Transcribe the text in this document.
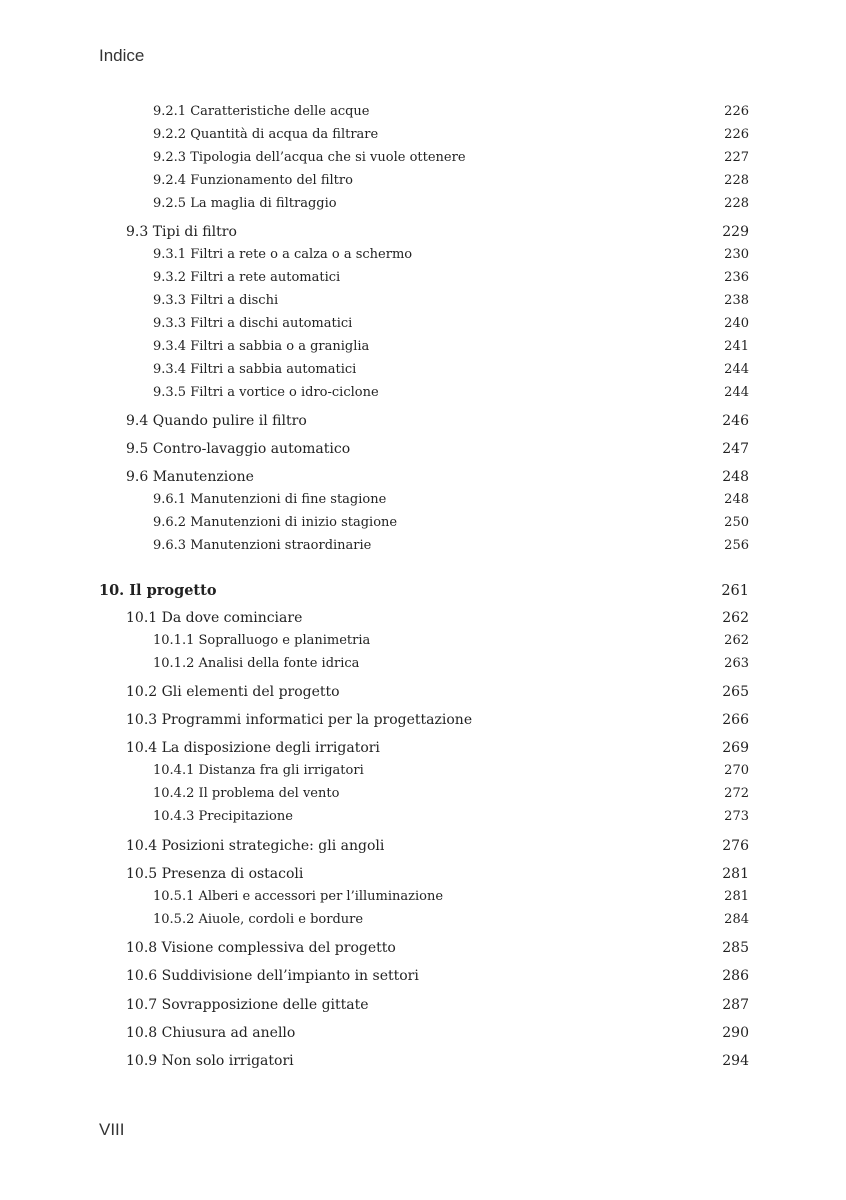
Indice
9.2.1 Caratteristiche delle acque	226
9.2.2 Quantità di acqua da filtrare	226
9.2.3 Tipologia dell’acqua che si vuole ottenere	227
9.2.4 Funzionamento del filtro	228
9.2.5 La maglia di filtraggio	228
9.3 Tipi di filtro	229
9.3.1 Filtri a rete o a calza o a schermo	230
9.3.2 Filtri a rete automatici	236
9.3.3 Filtri a dischi	238
9.3.3 Filtri a dischi automatici	240
9.3.4 Filtri a sabbia o a graniglia	241
9.3.4 Filtri a sabbia automatici	244
9.3.5 Filtri a vortice o idro-ciclone	244
9.4 Quando pulire il filtro	246
9.5 Contro-lavaggio automatico	247
9.6 Manutenzione	248
9.6.1 Manutenzioni di fine stagione	248
9.6.2 Manutenzioni di inizio stagione	250
9.6.3 Manutenzioni straordinarie	256
10. Il progetto	261
10.1 Da dove cominciare	262
10.1.1 Sopralluogo e planimetria	262
10.1.2 Analisi della fonte idrica	263
10.2 Gli elementi del progetto	265
10.3 Programmi informatici per la progettazione	266
10.4 La disposizione degli irrigatori	269
10.4.1 Distanza fra gli irrigatori	270
10.4.2 Il problema del vento	272
10.4.3 Precipitazione	273
10.4 Posizioni strategiche: gli angoli	276
10.5 Presenza di ostacoli	281
10.5.1 Alberi e accessori per l’illuminazione	281
10.5.2 Aiuole, cordoli e bordure	284
10.8 Visione complessiva del progetto	285
10.6 Suddivisione dell’impianto in settori	286
10.7 Sovrapposizione delle gittate	287
10.8 Chiusura ad anello	290
10.9 Non solo irrigatori	294
VIII
